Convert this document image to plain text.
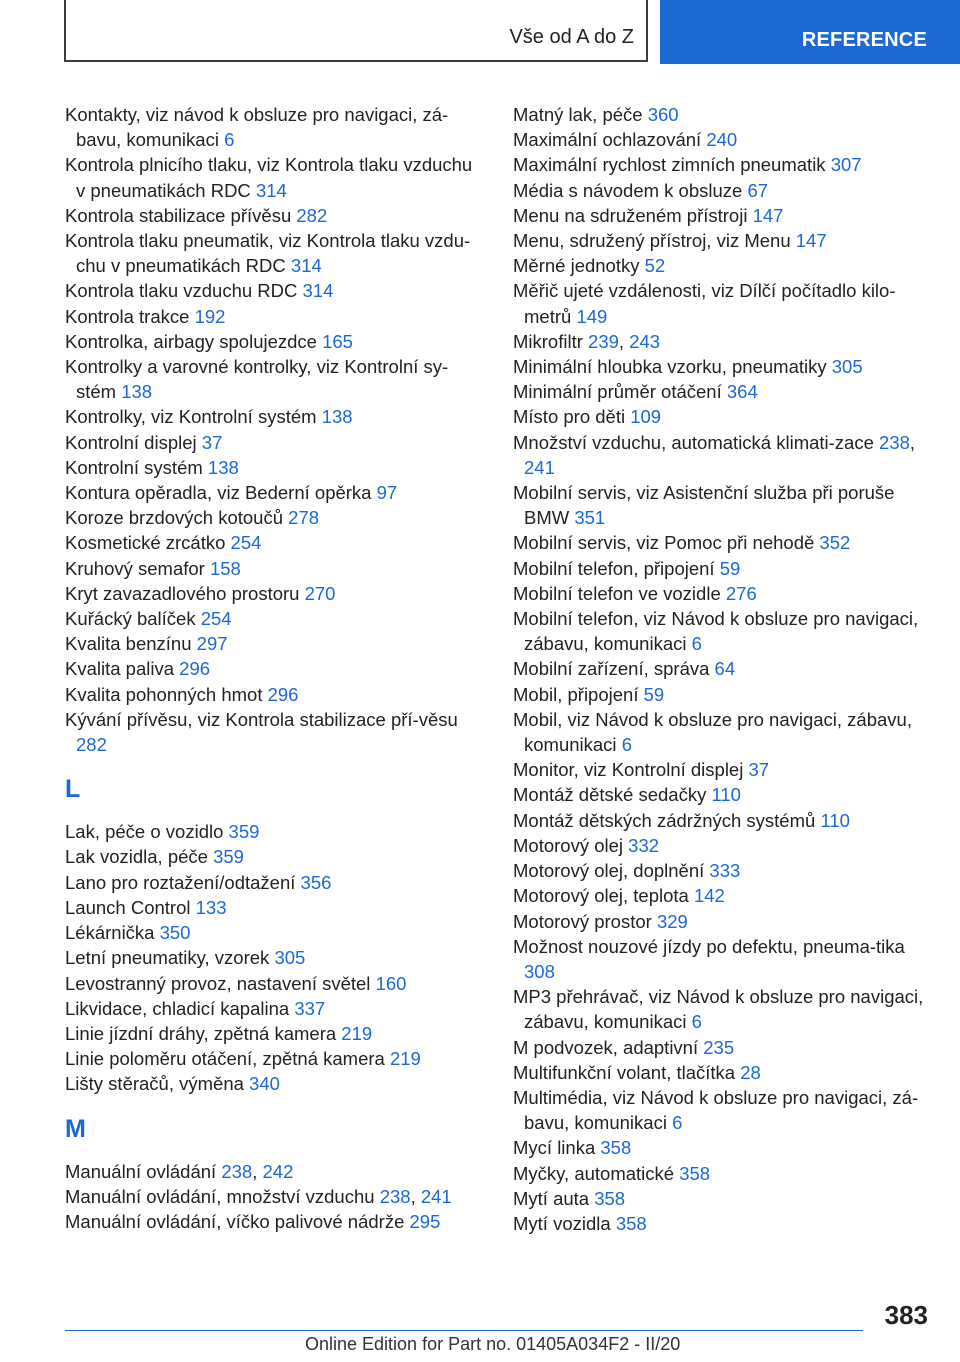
Vše od A do Z	REFERENCE
Kontakty, viz návod k obsluze pro navigaci, zá‐bavu, komunikaci 6
Kontrola plnicího tlaku, viz Kontrola tlaku vzduchu v pneumatikách RDC 314
Kontrola stabilizace přívěsu 282
Kontrola tlaku pneumatik, viz Kontrola tlaku vzdu‐chu v pneumatikách RDC 314
Kontrola tlaku vzduchu RDC 314
Kontrola trakce 192
Kontrolka, airbagy spolujezdce 165
Kontrolky a varovné kontrolky, viz Kontrolní sy‐stém 138
Kontrolky, viz Kontrolní systém 138
Kontrolní displej 37
Kontrolní systém 138
Kontura opěradla, viz Bederní opěrka 97
Koroze brzdových kotoučů 278
Kosmetické zrcátko 254
Kruhový semafor 158
Kryt zavazadlového prostoru 270
Kuřácký balíček 254
Kvalita benzínu 297
Kvalita paliva 296
Kvalita pohonných hmot 296
Kývání přívěsu, viz Kontrola stabilizace pří‐věsu 282
L
Lak, péče o vozidlo 359
Lak vozidla, péče 359
Lano pro roztažení/odtažení 356
Launch Control 133
Lékárnička 350
Letní pneumatiky, vzorek 305
Levostranný provoz, nastavení světel 160
Likvidace, chladicí kapalina 337
Linie jízdní dráhy, zpětná kamera 219
Linie poloměru otáčení, zpětná kamera 219
Lišty stěračů, výměna 340
M
Manuální ovládání 238, 242
Manuální ovládání, množství vzduchu 238, 241
Manuální ovládání, víčko palivové nádrže 295
Matný lak, péče 360
Maximální ochlazování 240
Maximální rychlost zimních pneumatik 307
Média s návodem k obsluze 67
Menu na sdruženém přístroji 147
Menu, sdružený přístroj, viz Menu 147
Měrné jednotky 52
Měřič ujeté vzdálenosti, viz Dílčí počítadlo kilo‐metrů 149
Mikrofiltr 239, 243
Minimální hloubka vzorku, pneumatiky 305
Minimální průměr otáčení 364
Místo pro děti 109
Množství vzduchu, automatická klimati‐zace 238, 241
Mobilní servis, viz Asistenční služba při poruše BMW 351
Mobilní servis, viz Pomoc při nehodě 352
Mobilní telefon, připojení 59
Mobilní telefon ve vozidle 276
Mobilní telefon, viz Návod k obsluze pro navigaci, zábavu, komunikaci 6
Mobilní zařízení, správa 64
Mobil, připojení 59
Mobil, viz Návod k obsluze pro navigaci, zábavu, komunikaci 6
Monitor, viz Kontrolní displej 37
Montáž dětské sedačky 110
Montáž dětských zádržných systémů 110
Motorový olej 332
Motorový olej, doplnění 333
Motorový olej, teplota 142
Motorový prostor 329
Možnost nouzové jízdy po defektu, pneuma‐tika 308
MP3 přehrávač, viz Návod k obsluze pro navigaci, zábavu, komunikaci 6
M podvozek, adaptivní 235
Multifunkční volant, tlačítka 28
Multimédia, viz Návod k obsluze pro navigaci, zá‐bavu, komunikaci 6
Mycí linka 358
Myčky, automatické 358
Mytí auta 358
Mytí vozidla 358
383
Online Edition for Part no. 01405A034F2 - II/20
